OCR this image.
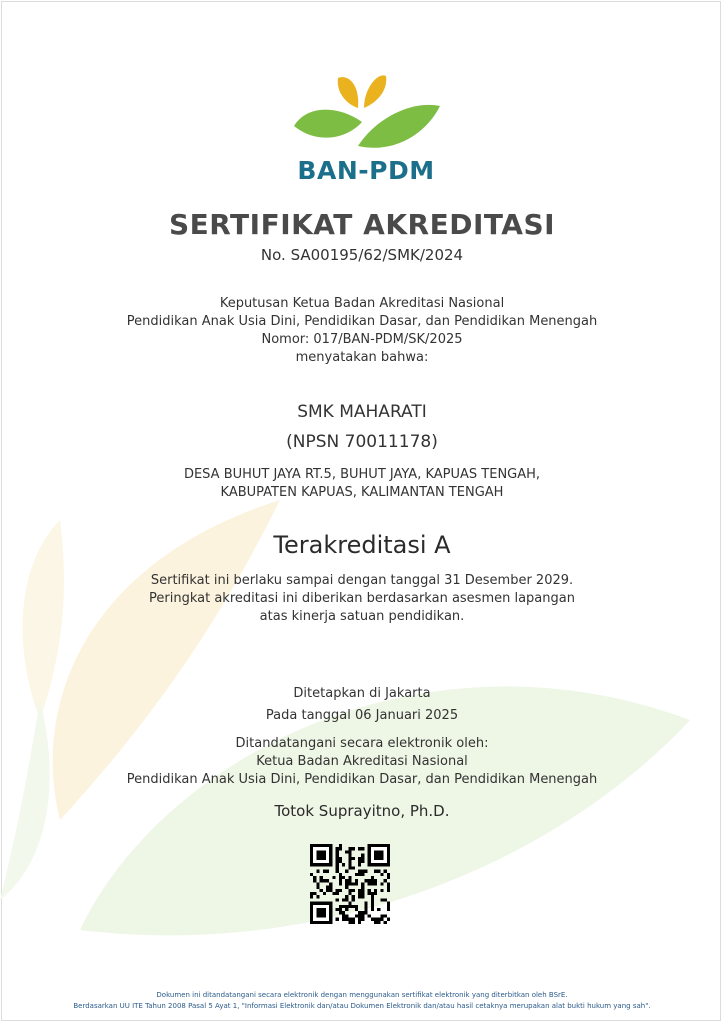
BAN-PDM
SERTIFIKAT AKREDITASI
No. SA00195/62/SMK/2024
Keputusan Ketua Badan Akreditasi Nasional
Pendidikan Anak Usia Dini, Pendidikan Dasar, dan Pendidikan Menengah
Nomor: 017/BAN-PDM/SK/2025
menyatakan bahwa:
SMK MAHARATI
(NPSN 70011178)
DESA BUHUT JAYA RT.5, BUHUT JAYA, KAPUAS TENGAH,
KABUPATEN KAPUAS, KALIMANTAN TENGAH
Terakreditasi A
Sertifikat ini berlaku sampai dengan tanggal 31 Desember 2029.
Peringkat akreditasi ini diberikan berdasarkan asesmen lapangan
atas kinerja satuan pendidikan.
Ditetapkan di Jakarta
Pada tanggal 06 Januari 2025
Ditandatangani secara elektronik oleh:
Ketua Badan Akreditasi Nasional
Pendidikan Anak Usia Dini, Pendidikan Dasar, dan Pendidikan Menengah
Totok Suprayitno, Ph.D.
Dokumen ini ditandatangani secara elektronik dengan menggunakan sertifikat elektronik yang diterbitkan oleh BSrE.
Berdasarkan UU ITE Tahun 2008 Pasal 5 Ayat 1, "Informasi Elektronik dan/atau Dokumen Elektronik dan/atau hasil cetaknya merupakan alat bukti hukum yang sah".
